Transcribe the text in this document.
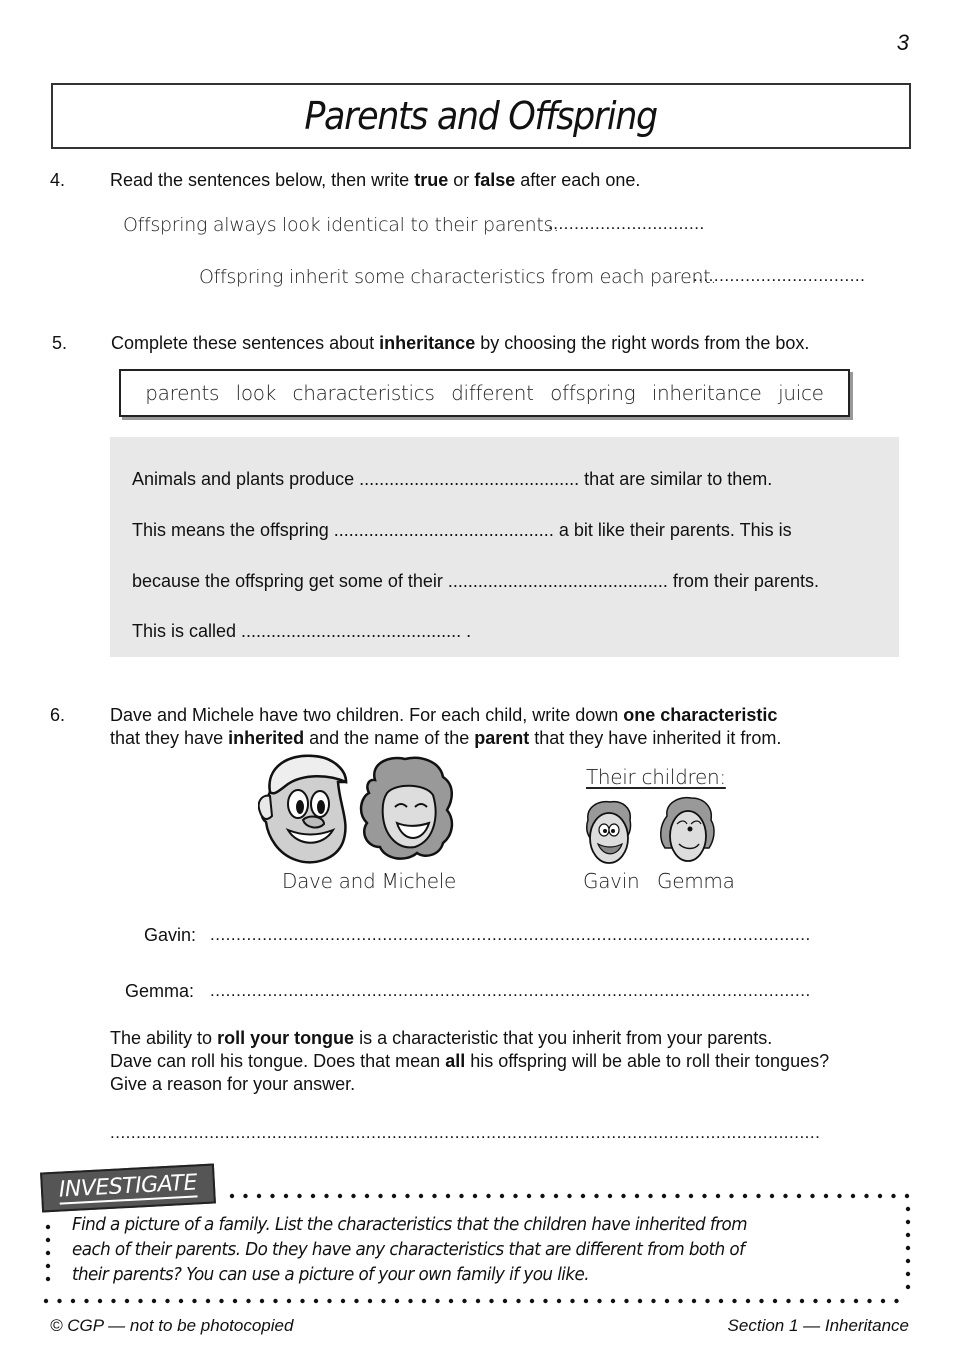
3
Parents and Offspring
4. Read the sentences below, then write true or false after each one.
Offspring always look identical to their parents.
..............................
Offspring inherit some characteristics from each parent.
.................................
5. Complete these sentences about inheritance by choosing the right words from the box.
parents look characteristics different offspring inheritance juice
Animals and plants produce ............................................ that are similar to them.
This means the offspring ............................................ a bit like their parents. This is
because the offspring get some of their ............................................ from their parents.
This is called ............................................ .
6. Dave and Michele have two children. For each child, write down one characteristic
that they have inherited and the name of the parent that they have inherited it from.
Dave and Michele
Their children:
Gavin Gemma
Gavin: ...................................................................................................................
Gemma: ...................................................................................................................
The ability to roll your tongue is a characteristic that you inherit from your parents.
Dave can roll his tongue. Does that mean all his offspring will be able to roll their tongues?
Give a reason for your answer.
........................................................................................................................................
INVESTIGATE
Find a picture of a family. List the characteristics that the children have inherited from
each of their parents. Do they have any characteristics that are different from both of
their parents? You can use a picture of your own family if you like.
© CGP — not to be photocopied	Section 1 — Inheritance
